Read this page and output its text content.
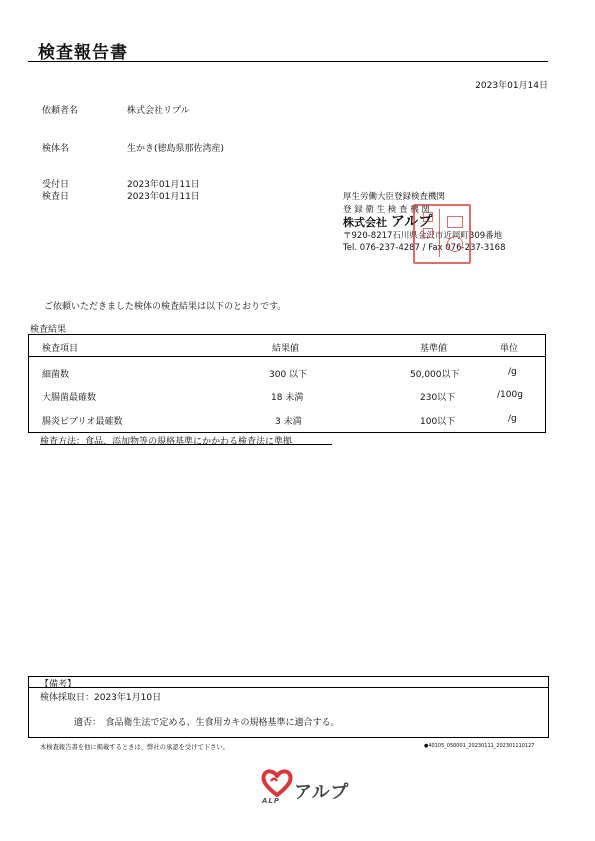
検査報告書
2023年01月14日
依頼者名	株式会社リプル
検体名	生かき(徳島県那佐湾産)
受付日	2023年01月11日
検査日	2023年01月11日	厚生労働大臣登録検査機関
登 録 衛 生 検 査 機 関
株式会社 アルプ
〒920-8217石川県金沢市近岡町309番地
Tel. 076-237-4287 / Fax 076-237-3168
ご依頼いただきました検体の検査結果は以下のとおりです。
検査結果
検査項目	結果値	基準値	単位
細菌数	300 以下	50,000以下	/g
大腸菌最確数	18 未満	230以下	/100g
腸炎ビブリオ最確数	3 未満	100以下	/g
検査方法：食品、添加物等の規格基準にかかわる検査法に準拠
【備考】
検体採取日：2023年1月10日
適否：　食品衛生法で定める、生食用カキの規格基準に適合する。
本検査報告書を他に掲載するときは、弊社の承認を受けて下さい。	●40105_050001_20230111_202301110127
アルプ
ALP
